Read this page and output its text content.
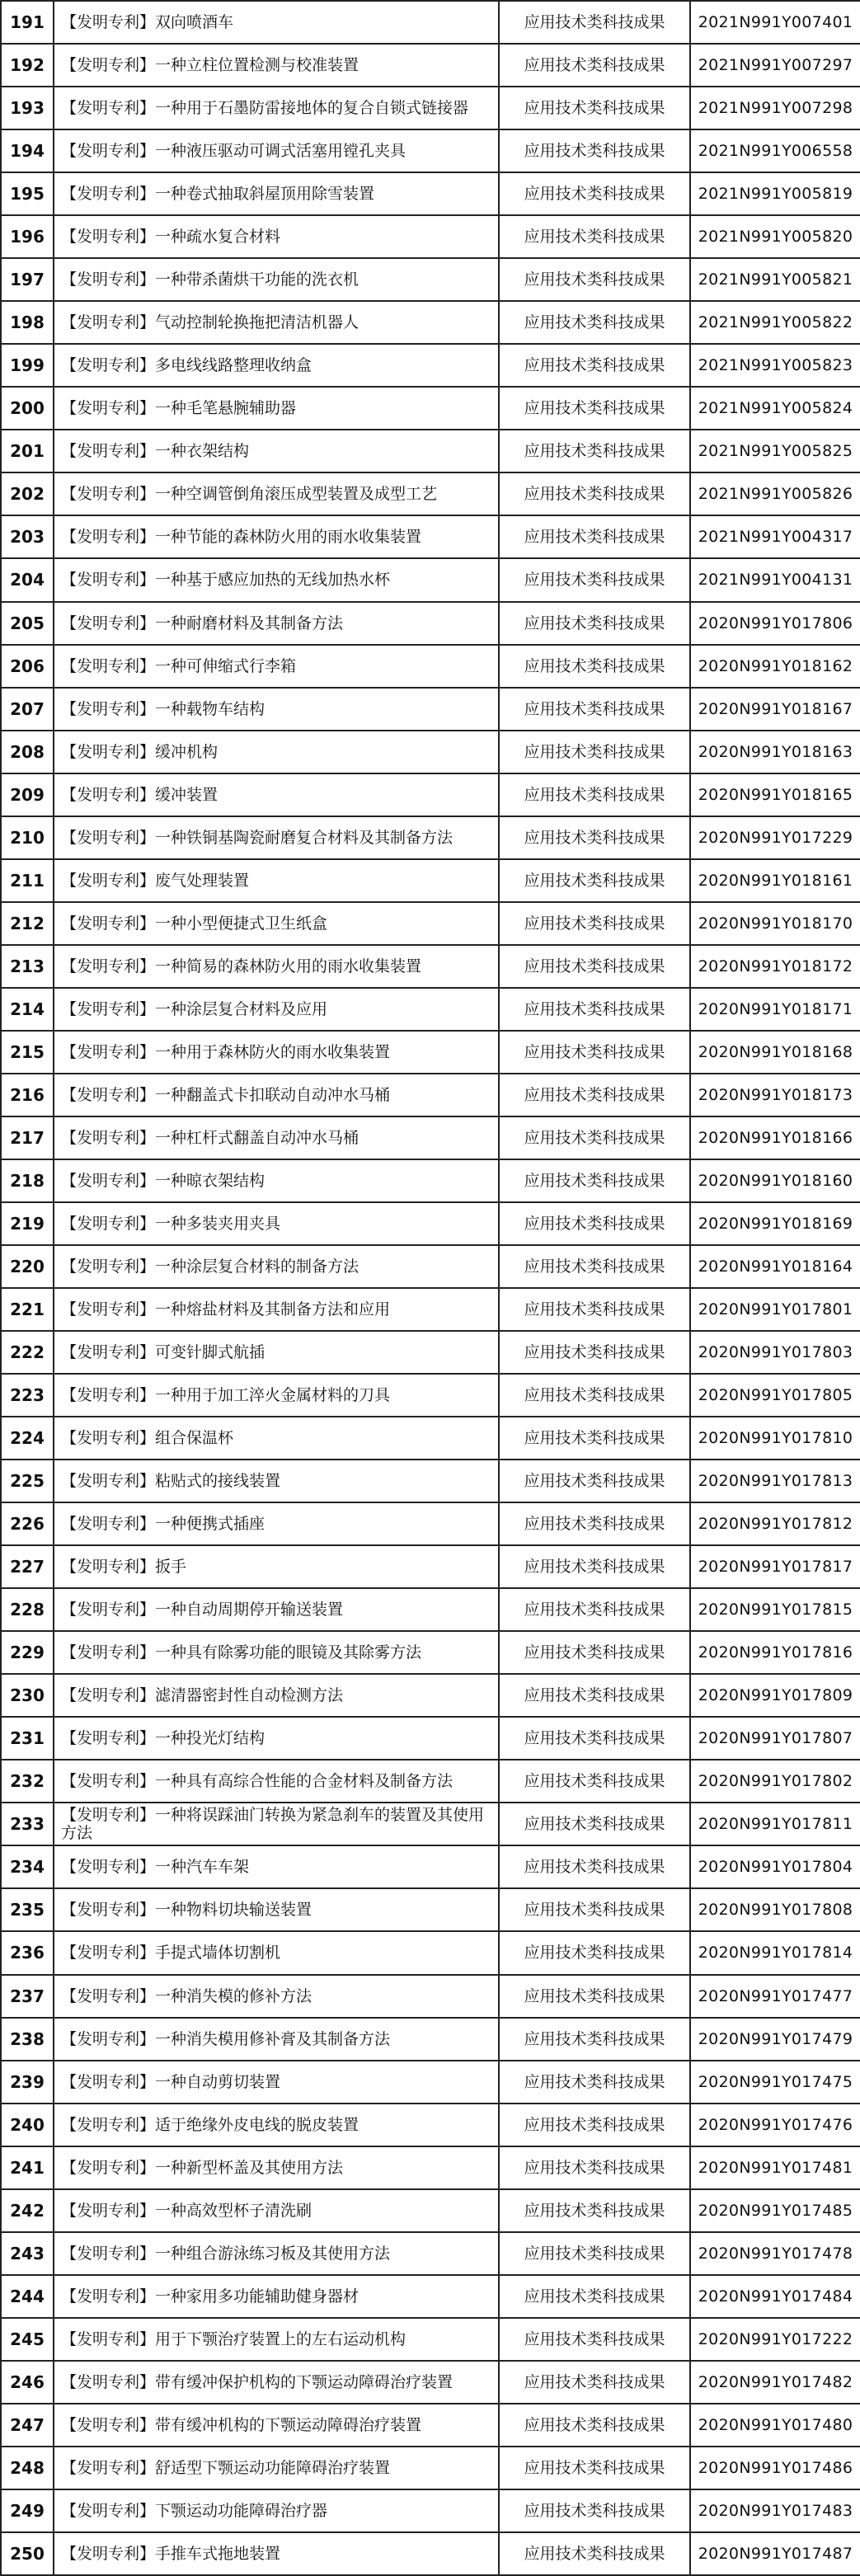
191	【发明专利】双向喷酒车	应用技术类科技成果	2021N991Y007401
192	【发明专利】一种立柱位置检测与校准装置	应用技术类科技成果	2021N991Y007297
193	【发明专利】一种用于石墨防雷接地体的复合自锁式链接器	应用技术类科技成果	2021N991Y007298
194	【发明专利】一种液压驱动可调式活塞用镗孔夹具	应用技术类科技成果	2021N991Y006558
195	【发明专利】一种卷式抽取斜屋顶用除雪装置	应用技术类科技成果	2021N991Y005819
196	【发明专利】一种疏水复合材料	应用技术类科技成果	2021N991Y005820
197	【发明专利】一种带杀菌烘干功能的洗衣机	应用技术类科技成果	2021N991Y005821
198	【发明专利】气动控制轮换拖把清洁机器人	应用技术类科技成果	2021N991Y005822
199	【发明专利】多电线线路整理收纳盒	应用技术类科技成果	2021N991Y005823
200	【发明专利】一种毛笔悬腕辅助器	应用技术类科技成果	2021N991Y005824
201	【发明专利】一种衣架结构	应用技术类科技成果	2021N991Y005825
202	【发明专利】一种空调管倒角滚压成型装置及成型工艺	应用技术类科技成果	2021N991Y005826
203	【发明专利】一种节能的森林防火用的雨水收集装置	应用技术类科技成果	2021N991Y004317
204	【发明专利】一种基于感应加热的无线加热水杯	应用技术类科技成果	2021N991Y004131
205	【发明专利】一种耐磨材料及其制备方法	应用技术类科技成果	2020N991Y017806
206	【发明专利】一种可伸缩式行李箱	应用技术类科技成果	2020N991Y018162
207	【发明专利】一种载物车结构	应用技术类科技成果	2020N991Y018167
208	【发明专利】缓冲机构	应用技术类科技成果	2020N991Y018163
209	【发明专利】缓冲装置	应用技术类科技成果	2020N991Y018165
210	【发明专利】一种铁铜基陶瓷耐磨复合材料及其制备方法	应用技术类科技成果	2020N991Y017229
211	【发明专利】废气处理装置	应用技术类科技成果	2020N991Y018161
212	【发明专利】一种小型便捷式卫生纸盒	应用技术类科技成果	2020N991Y018170
213	【发明专利】一种简易的森林防火用的雨水收集装置	应用技术类科技成果	2020N991Y018172
214	【发明专利】一种涂层复合材料及应用	应用技术类科技成果	2020N991Y018171
215	【发明专利】一种用于森林防火的雨水收集装置	应用技术类科技成果	2020N991Y018168
216	【发明专利】一种翻盖式卡扣联动自动冲水马桶	应用技术类科技成果	2020N991Y018173
217	【发明专利】一种杠杆式翻盖自动冲水马桶	应用技术类科技成果	2020N991Y018166
218	【发明专利】一种晾衣架结构	应用技术类科技成果	2020N991Y018160
219	【发明专利】一种多装夹用夹具	应用技术类科技成果	2020N991Y018169
220	【发明专利】一种涂层复合材料的制备方法	应用技术类科技成果	2020N991Y018164
221	【发明专利】一种熔盐材料及其制备方法和应用	应用技术类科技成果	2020N991Y017801
222	【发明专利】可变针脚式航插	应用技术类科技成果	2020N991Y017803
223	【发明专利】一种用于加工淬火金属材料的刀具	应用技术类科技成果	2020N991Y017805
224	【发明专利】组合保温杯	应用技术类科技成果	2020N991Y017810
225	【发明专利】粘贴式的接线装置	应用技术类科技成果	2020N991Y017813
226	【发明专利】一种便携式插座	应用技术类科技成果	2020N991Y017812
227	【发明专利】扳手	应用技术类科技成果	2020N991Y017817
228	【发明专利】一种自动周期停开输送装置	应用技术类科技成果	2020N991Y017815
229	【发明专利】一种具有除雾功能的眼镜及其除雾方法	应用技术类科技成果	2020N991Y017816
230	【发明专利】滤清器密封性自动检测方法	应用技术类科技成果	2020N991Y017809
231	【发明专利】一种投光灯结构	应用技术类科技成果	2020N991Y017807
232	【发明专利】一种具有高综合性能的合金材料及制备方法	应用技术类科技成果	2020N991Y017802
233	【发明专利】一种将误踩油门转换为紧急刹车的装置及其使用方法	应用技术类科技成果	2020N991Y017811
234	【发明专利】一种汽车车架	应用技术类科技成果	2020N991Y017804
235	【发明专利】一种物料切块输送装置	应用技术类科技成果	2020N991Y017808
236	【发明专利】手提式墙体切割机	应用技术类科技成果	2020N991Y017814
237	【发明专利】一种消失模的修补方法	应用技术类科技成果	2020N991Y017477
238	【发明专利】一种消失模用修补膏及其制备方法	应用技术类科技成果	2020N991Y017479
239	【发明专利】一种自动剪切装置	应用技术类科技成果	2020N991Y017475
240	【发明专利】适于绝缘外皮电线的脱皮装置	应用技术类科技成果	2020N991Y017476
241	【发明专利】一种新型杯盖及其使用方法	应用技术类科技成果	2020N991Y017481
242	【发明专利】一种高效型杯子清洗刷	应用技术类科技成果	2020N991Y017485
243	【发明专利】一种组合游泳练习板及其使用方法	应用技术类科技成果	2020N991Y017478
244	【发明专利】一种家用多功能辅助健身器材	应用技术类科技成果	2020N991Y017484
245	【发明专利】用于下颚治疗装置上的左右运动机构	应用技术类科技成果	2020N991Y017222
246	【发明专利】带有缓冲保护机构的下颚运动障碍治疗装置	应用技术类科技成果	2020N991Y017482
247	【发明专利】带有缓冲机构的下颚运动障碍治疗装置	应用技术类科技成果	2020N991Y017480
248	【发明专利】舒适型下颚运动功能障碍治疗装置	应用技术类科技成果	2020N991Y017486
249	【发明专利】下颚运动功能障碍治疗器	应用技术类科技成果	2020N991Y017483
250	【发明专利】手推车式拖地装置	应用技术类科技成果	2020N991Y017487
